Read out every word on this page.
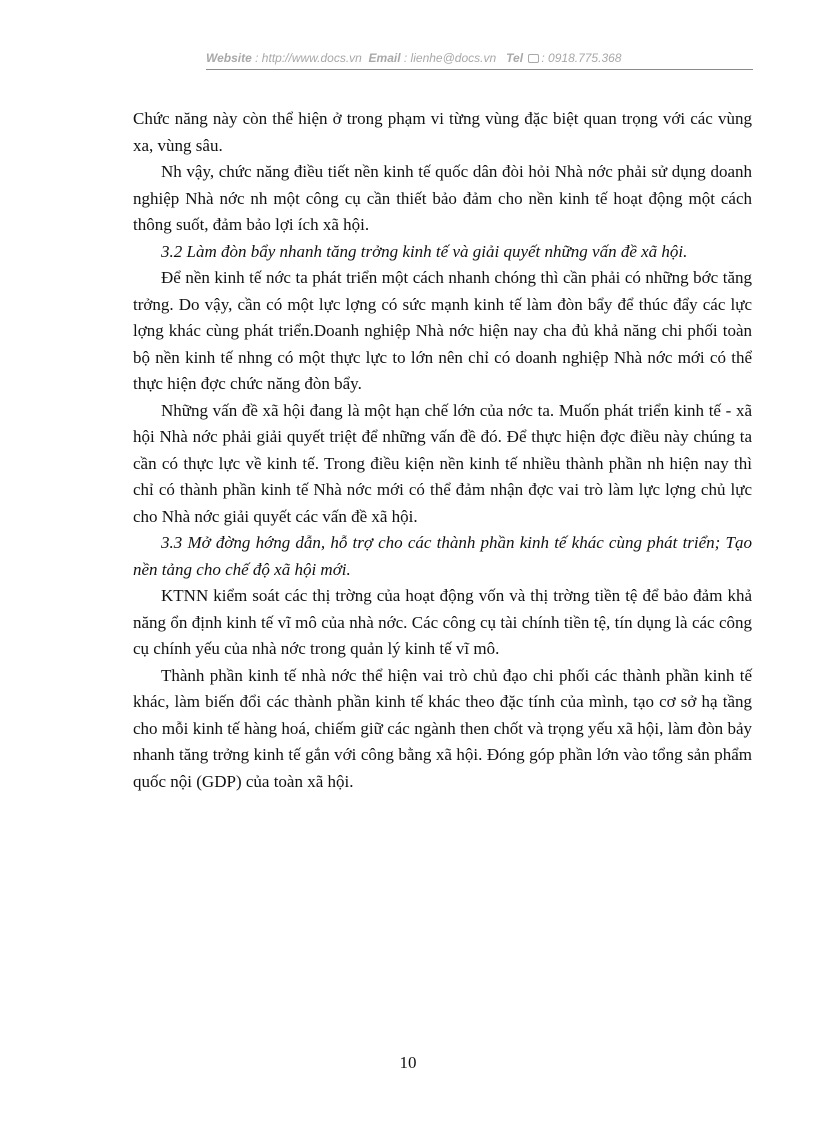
Website : http://www.docs.vn Email : lienhe@docs.vn Tel : 0918.775.368

Chức năng này còn thể hiện ở trong phạm vi từng vùng đặc biệt quan trọng với các vùng xa, vùng sâu.

Nh vậy, chức năng điều tiết nền kinh tế quốc dân đòi hỏi Nhà nớc phải sử dụng doanh nghiệp Nhà nớc nh một công cụ cần thiết bảo đảm cho nền kinh tế hoạt động một cách thông suốt, đảm bảo lợi ích xã hội.

3.2 Làm đòn bẩy nhanh tăng trởng kinh tế và giải quyết những vấn đề xã hội.

Để nền kinh tế nớc ta phát triển một cách nhanh chóng thì cần phải có những bớc tăng trởng. Do vậy, cần có một lực lợng có sức mạnh kinh tế làm đòn bẩy để thúc đẩy các lực lợng khác cùng phát triển.Doanh nghiệp Nhà nớc hiện nay cha đủ khả năng chi phối toàn bộ nền kinh tế nhng có một thực lực to lớn nên chỉ có doanh nghiệp Nhà nớc mới có thể thực hiện đợc chức năng đòn bẩy.

Những vấn đề xã hội đang là một hạn chế lớn của nớc ta. Muốn phát triển kinh tế - xã hội Nhà nớc phải giải quyết triệt để những vấn đề đó. Để thực hiện đợc điều này chúng ta cần có thực lực về kinh tế. Trong điều kiện nền kinh tế nhiều thành phần nh hiện nay thì chỉ có thành phần kinh tế Nhà nớc mới có thể đảm nhận đợc vai trò làm lực lợng chủ lực cho Nhà nớc giải quyết các vấn đề xã hội.

3.3 Mở đờng hớng dẫn, hỗ trợ cho các thành phần kinh tế khác cùng phát triển; Tạo nền tảng cho chế độ xã hội mới.

KTNN kiểm soát các thị trờng của hoạt động vốn và thị trờng tiền tệ để bảo đảm khả năng ổn định kinh tế vĩ mô của nhà nớc. Các công cụ tài chính tiền tệ, tín dụng là các công cụ chính yếu của nhà nớc trong quản lý kinh tế vĩ mô.

Thành phần kinh tế nhà nớc thể hiện vai trò chủ đạo chi phối các thành phần kinh tế khác, làm biến đổi các thành phần kinh tế khác theo đặc tính của mình, tạo cơ sở hạ tầng cho mỗi kinh tế hàng hoá, chiếm giữ các ngành then chốt và trọng yếu xã hội, làm đòn bảy nhanh tăng trởng kinh tế gắn với công bằng xã hội. Đóng góp phần lớn vào tổng sản phẩm quốc nội (GDP) của toàn xã hội.

10
